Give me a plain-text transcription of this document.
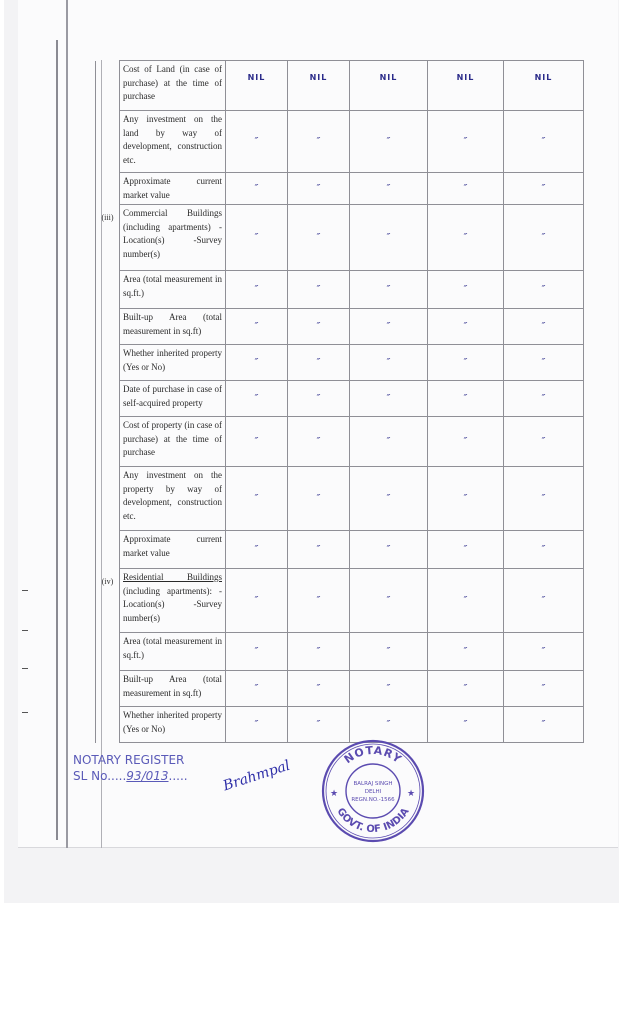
	Cost of Land (in case of purchase) at the time of purchase	NIL	NIL	NIL	NIL	NIL
	Any investment on the land by way of development, construction etc.	″	″	″	″	″
	Approximate current market value	″	″	″	″	″
(iii)	Commercial Buildings (including apartments) -Location(s) -Survey number(s)	″	″	″	″	″
	Area (total measurement in sq.ft.)	″	″	″	″	″
	Built-up Area (total measurement in sq.ft)	″	″	″	″	″
	Whether inherited property (Yes or No)	″	″	″	″	″
	Date of purchase in case of self-acquired property	″	″	″	″	″
	Cost of property (in case of purchase) at the time of purchase	″	″	″	″	″
	Any investment on the property by way of development, construction etc.	″	″	″	″	″
	Approximate current market value	″	″	″	″	″
(iv)	Residential Buildings (including apartments): -Location(s) -Survey number(s)	″	″	″	″	″
	Area (total measurement in sq.ft.)	″	″	″	″	″
	Built-up Area (total measurement in sq.ft)	″	″	″	″	″
	Whether inherited property (Yes or No)	″	″	″	″	″
NOTARY REGISTER
SL No.....93/013..... Brahmpal	NOTARY
GOVT. OF INDIA
★	★
BALRAJ SINGH
DELHI
REGN.NO.-1566
